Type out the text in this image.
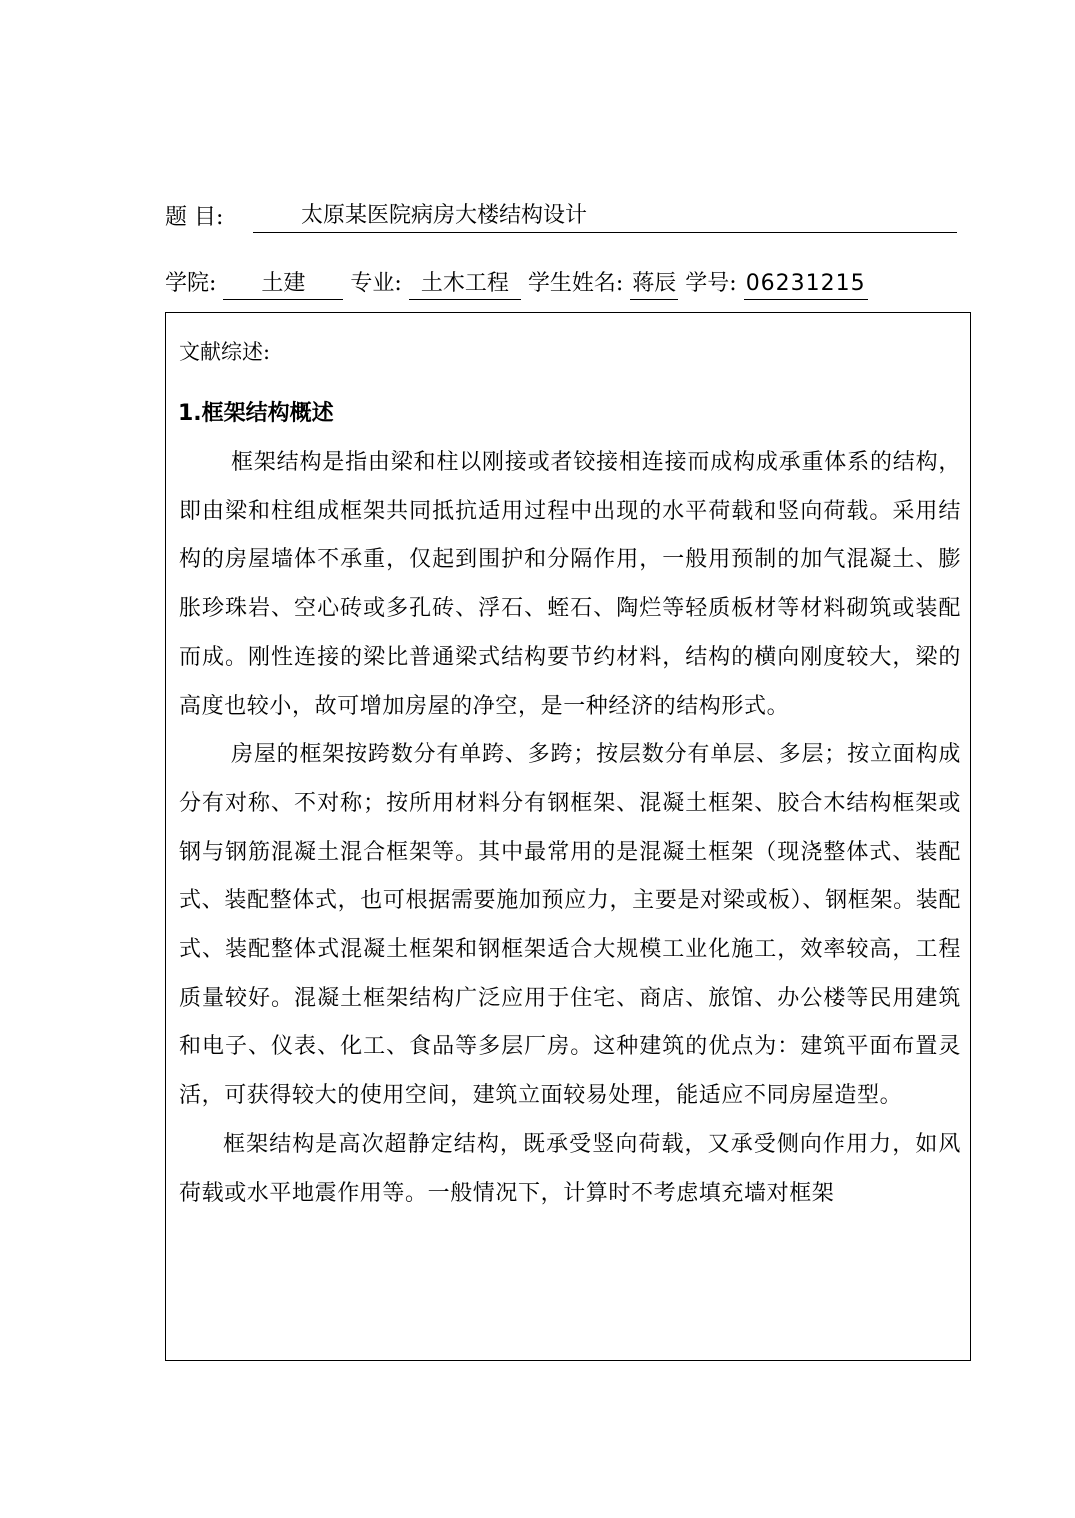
题 目:	太原某医院病房大楼结构设计
学院: 土建 专业: 土木工程 学生姓名: 蒋辰 学号: 06231215
文献综述:
1.框架结构概述

框架结构是指由梁和柱以刚接或者铰接相连接而成构成承重体系的结构，即由梁和柱组成框架共同抵抗适用过程中出现的水平荷载和竖向荷载。采用结构的房屋墙体不承重，仅起到围护和分隔作用，一般用预制的加气混凝土、膨胀珍珠岩、空心砖或多孔砖、浮石、蛭石、陶烂等轻质板材等材料砌筑或装配而成。刚性连接的梁比普通梁式结构要节约材料，结构的横向刚度较大，梁的高度也较小，故可增加房屋的净空，是一种经济的结构形式。

房屋的框架按跨数分有单跨、多跨；按层数分有单层、多层；按立面构成分有对称、不对称；按所用材料分有钢框架、混凝土框架、胶合木结构框架或钢与钢筋混凝土混合框架等。其中最常用的是混凝土框架（现浇整体式、装配式、装配整体式，也可根据需要施加预应力，主要是对梁或板）、钢框架。装配式、装配整体式混凝土框架和钢框架适合大规模工业化施工，效率较高，工程质量较好。混凝土框架结构广泛应用于住宅、商店、旅馆、办公楼等民用建筑和电子、仪表、化工、食品等多层厂房。这种建筑的优点为：建筑平面布置灵活，可获得较大的使用空间，建筑立面较易处理，能适应不同房屋造型。

框架结构是高次超静定结构，既承受竖向荷载，又承受侧向作用力，如风荷载或水平地震作用等。一般情况下，计算时不考虑填充墙对框架
